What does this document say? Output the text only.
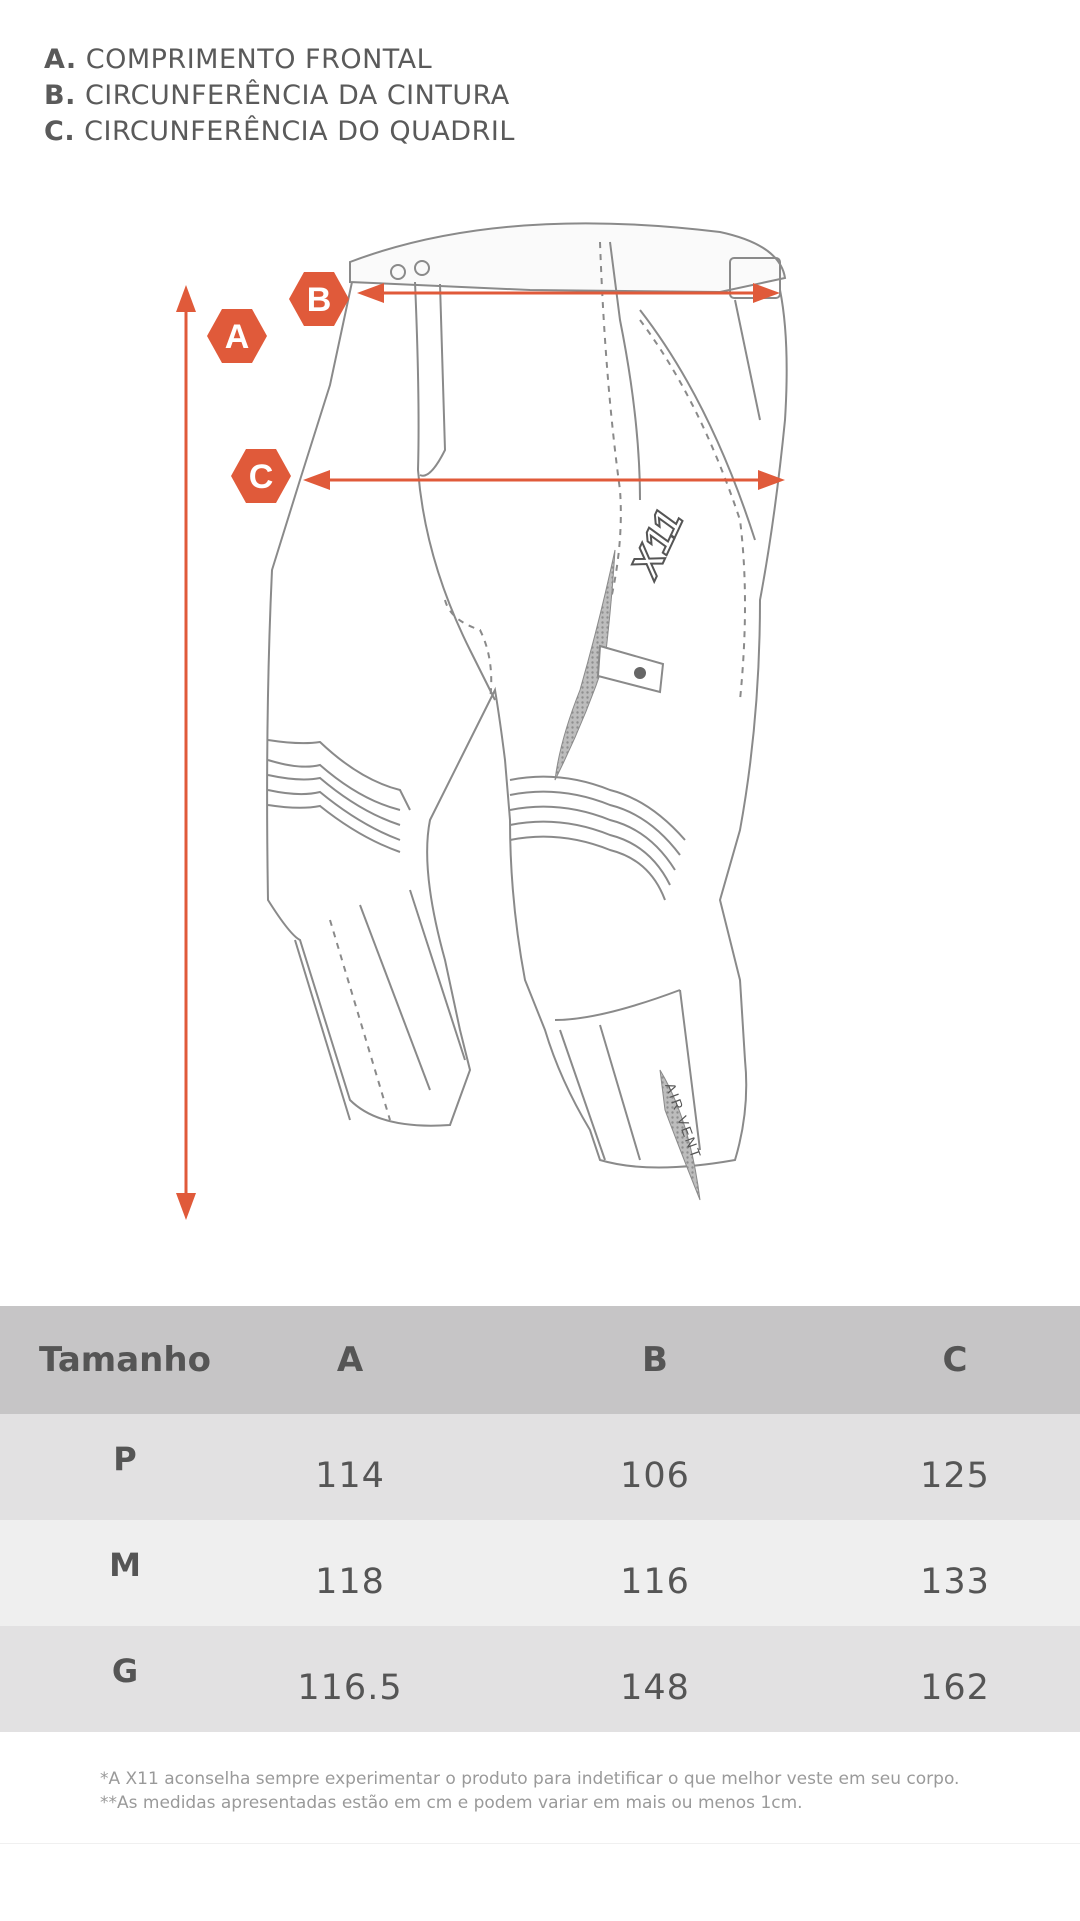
A. COMPRIMENTO FRONTAL
B. CIRCUNFERÊNCIA DA CINTURA
C. CIRCUNFERÊNCIA DO QUADRIL
X11
AIR VENT
A
B
C
Tamanho	A	B	C
P	114	106	125
M	118	116	133
G	116.5	148	162
*A X11 aconselha sempre experimentar o produto para indetificar o que melhor veste em seu corpo.
**As medidas apresentadas estão em cm e podem variar em mais ou menos 1cm.
